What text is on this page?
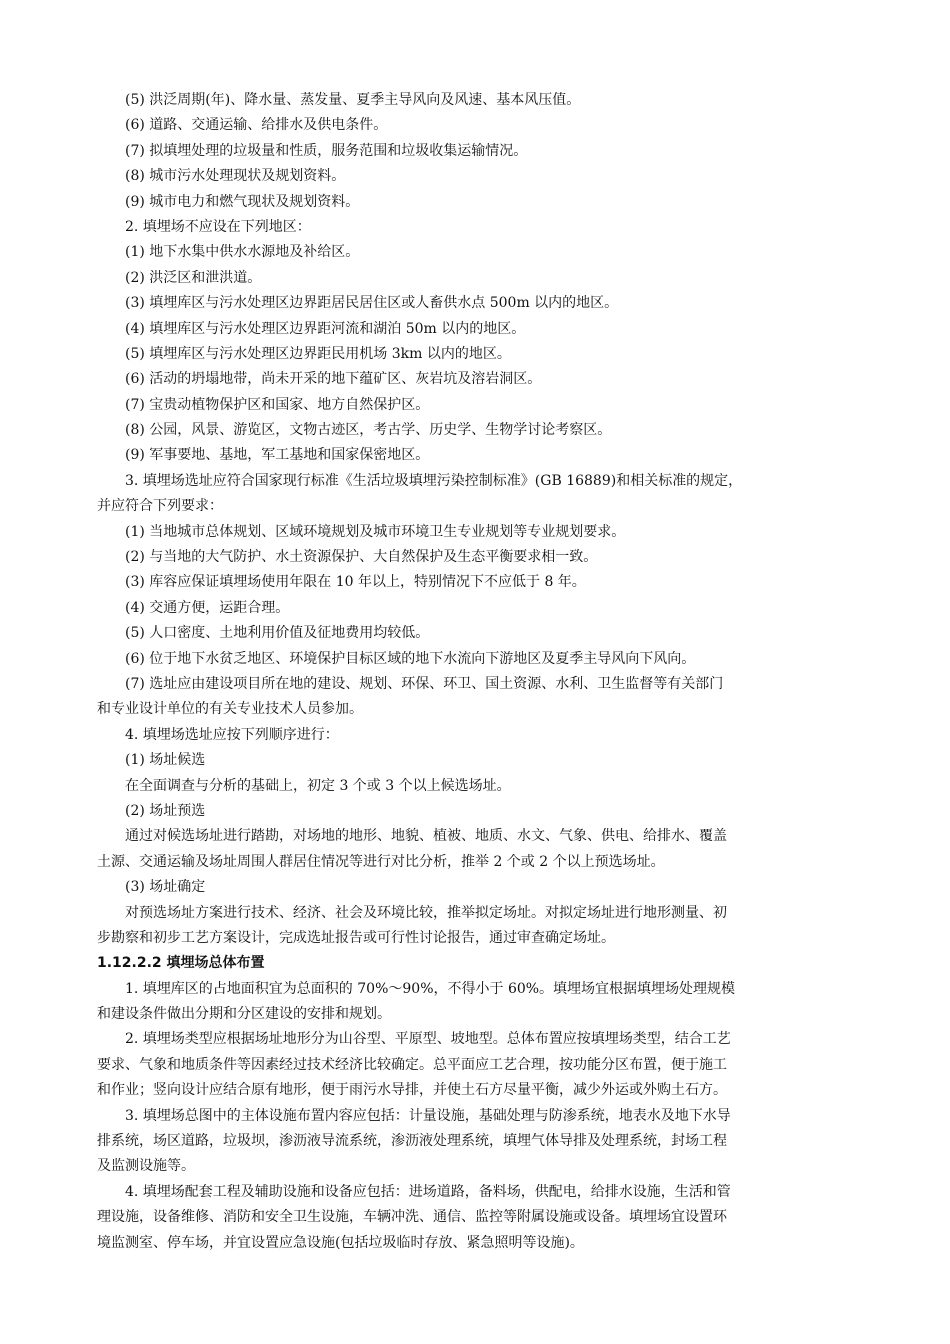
(5) 洪泛周期(年)、降水量、蒸发量、夏季主导风向及风速、基本风压值。
(6) 道路、交通运输、给排水及供电条件。
(7) 拟填埋处理的垃圾量和性质，服务范围和垃圾收集运输情况。
(8) 城市污水处理现状及规划资料。
(9) 城市电力和燃气现状及规划资料。
2. 填埋场不应设在下列地区：
(1) 地下水集中供水水源地及补给区。
(2) 洪泛区和泄洪道。
(3) 填埋库区与污水处理区边界距居民居住区或人畜供水点 500m 以内的地区。
(4) 填埋库区与污水处理区边界距河流和湖泊 50m 以内的地区。
(5) 填埋库区与污水处理区边界距民用机场 3km 以内的地区。
(6) 活动的坍塌地带，尚未开采的地下蕴矿区、灰岩坑及溶岩洞区。
(7) 宝贵动植物保护区和国家、地方自然保护区。
(8) 公园，风景、游览区，文物古迹区，考古学、历史学、生物学讨论考察区。
(9) 军事要地、基地，军工基地和国家保密地区。
3. 填埋场选址应符合国家现行标准《生活垃圾填埋污染控制标准》(GB 16889)和相关标准的规定，
并应符合下列要求：
(1) 当地城市总体规划、区域环境规划及城市环境卫生专业规划等专业规划要求。
(2) 与当地的大气防护、水土资源保护、大自然保护及生态平衡要求相一致。
(3) 库容应保证填埋场使用年限在 10 年以上，特别情况下不应低于 8 年。
(4) 交通方便，运距合理。
(5) 人口密度、土地利用价值及征地费用均较低。
(6) 位于地下水贫乏地区、环境保护目标区域的地下水流向下游地区及夏季主导风向下风向。
(7) 选址应由建设项目所在地的建设、规划、环保、环卫、国土资源、水利、卫生监督等有关部门
和专业设计单位的有关专业技术人员参加。
4. 填埋场选址应按下列顺序进行：
(1) 场址候选
在全面调查与分析的基础上，初定 3 个或 3 个以上候选场址。
(2) 场址预选
通过对候选场址进行踏勘，对场地的地形、地貌、植被、地质、水文、气象、供电、给排水、覆盖
土源、交通运输及场址周围人群居住情况等进行对比分析，推举 2 个或 2 个以上预选场址。
(3) 场址确定
对预选场址方案进行技术、经济、社会及环境比较，推举拟定场址。对拟定场址进行地形测量、初
步勘察和初步工艺方案设计，完成选址报告或可行性讨论报告，通过审查确定场址。
1.12.2.2 填埋场总体布置
1. 填埋库区的占地面积宜为总面积的 70%～90%，不得小于 60%。填埋场宜根据填埋场处理规模
和建设条件做出分期和分区建设的安排和规划。
2. 填埋场类型应根据场址地形分为山谷型、平原型、坡地型。总体布置应按填埋场类型，结合工艺
要求、气象和地质条件等因素经过技术经济比较确定。总平面应工艺合理，按功能分区布置，便于施工
和作业；竖向设计应结合原有地形，便于雨污水导排，并使土石方尽量平衡，减少外运或外购土石方。
3. 填埋场总图中的主体设施布置内容应包括：计量设施，基础处理与防渗系统，地表水及地下水导
排系统，场区道路，垃圾坝，渗沥液导流系统，渗沥液处理系统，填埋气体导排及处理系统，封场工程
及监测设施等。
4. 填埋场配套工程及辅助设施和设备应包括：进场道路，备料场，供配电，给排水设施，生活和管
理设施，设备维修、消防和安全卫生设施，车辆冲洗、通信、监控等附属设施或设备。填埋场宜设置环
境监测室、停车场，并宜设置应急设施(包括垃圾临时存放、紧急照明等设施)。
